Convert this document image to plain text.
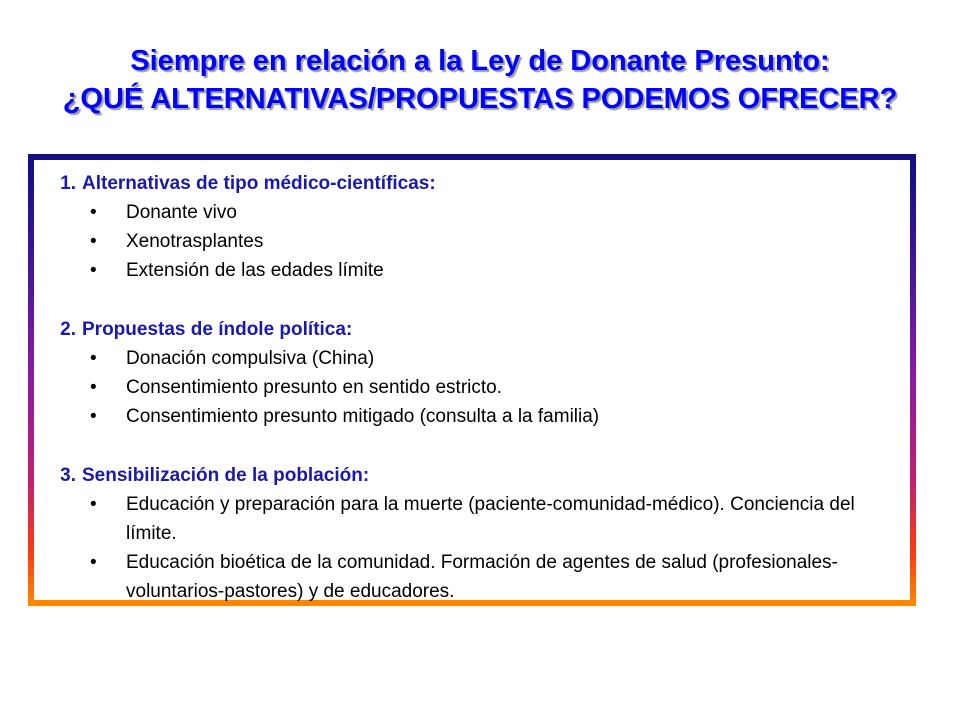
Siempre en relación a la Ley de Donante Presunto:
¿QUÉ ALTERNATIVAS/PROPUESTAS PODEMOS OFRECER?
1. Alternativas de tipo médico-científicas:
•	Donante vivo
•	Xenotrasplantes
•	Extensión de las edades límite
2. Propuestas de índole política:
•	Donación compulsiva (China)
•	Consentimiento presunto en sentido estricto.
•	Consentimiento presunto mitigado (consulta a la familia)
3. Sensibilización de la población:
•	Educación y preparación para la muerte (paciente-comunidad-médico). Conciencia del límite.
•	Educación bioética de la comunidad. Formación de agentes de salud (profesionales-voluntarios-pastores) y de educadores.
